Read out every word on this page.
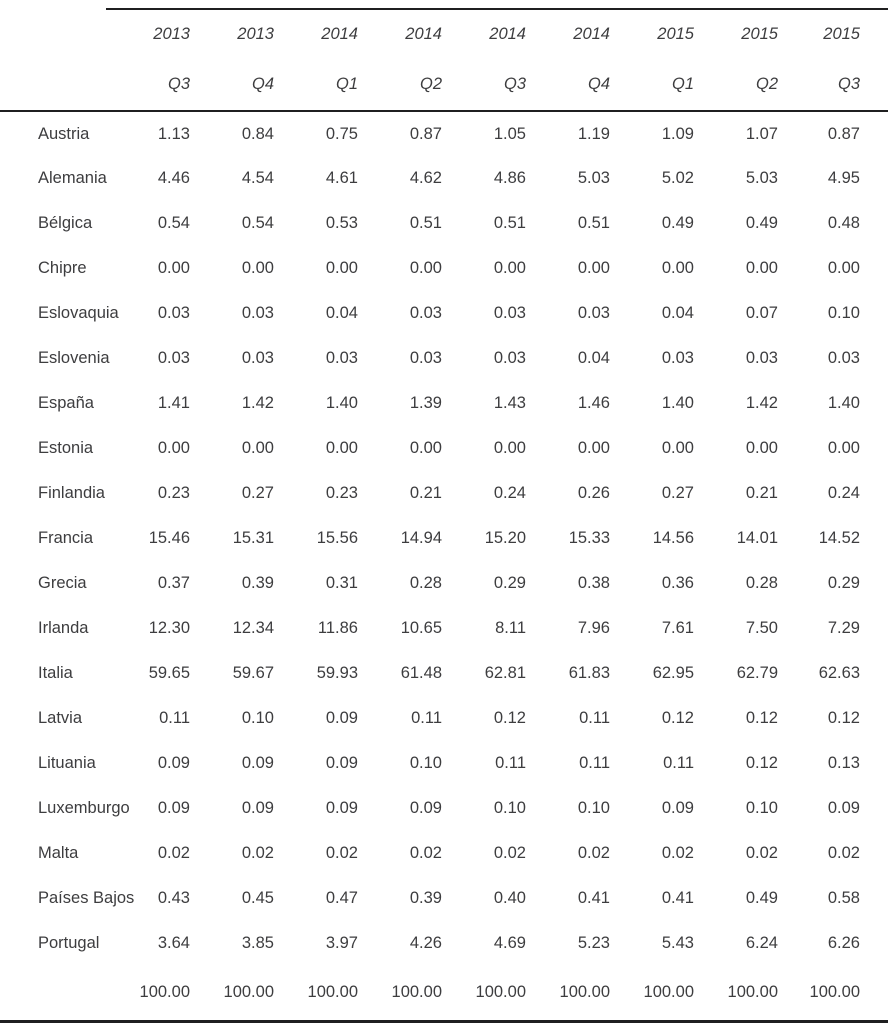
	2013	2013	2014	2014	2014	2014	2015	2015	2015
	Q3	Q4	Q1	Q2	Q3	Q4	Q1	Q2	Q3
Austria	1.13	0.84	0.75	0.87	1.05	1.19	1.09	1.07	0.87
Alemania	4.46	4.54	4.61	4.62	4.86	5.03	5.02	5.03	4.95
Bélgica	0.54	0.54	0.53	0.51	0.51	0.51	0.49	0.49	0.48
Chipre	0.00	0.00	0.00	0.00	0.00	0.00	0.00	0.00	0.00
Eslovaquia	0.03	0.03	0.04	0.03	0.03	0.03	0.04	0.07	0.10
Eslovenia	0.03	0.03	0.03	0.03	0.03	0.04	0.03	0.03	0.03
España	1.41	1.42	1.40	1.39	1.43	1.46	1.40	1.42	1.40
Estonia	0.00	0.00	0.00	0.00	0.00	0.00	0.00	0.00	0.00
Finlandia	0.23	0.27	0.23	0.21	0.24	0.26	0.27	0.21	0.24
Francia	15.46	15.31	15.56	14.94	15.20	15.33	14.56	14.01	14.52
Grecia	0.37	0.39	0.31	0.28	0.29	0.38	0.36	0.28	0.29
Irlanda	12.30	12.34	11.86	10.65	8.11	7.96	7.61	7.50	7.29
Italia	59.65	59.67	59.93	61.48	62.81	61.83	62.95	62.79	62.63
Latvia	0.11	0.10	0.09	0.11	0.12	0.11	0.12	0.12	0.12
Lituania	0.09	0.09	0.09	0.10	0.11	0.11	0.11	0.12	0.13
Luxemburgo	0.09	0.09	0.09	0.09	0.10	0.10	0.09	0.10	0.09
Malta	0.02	0.02	0.02	0.02	0.02	0.02	0.02	0.02	0.02
Países Bajos	0.43	0.45	0.47	0.39	0.40	0.41	0.41	0.49	0.58
Portugal	3.64	3.85	3.97	4.26	4.69	5.23	5.43	6.24	6.26
	100.00	100.00	100.00	100.00	100.00	100.00	100.00	100.00	100.00
